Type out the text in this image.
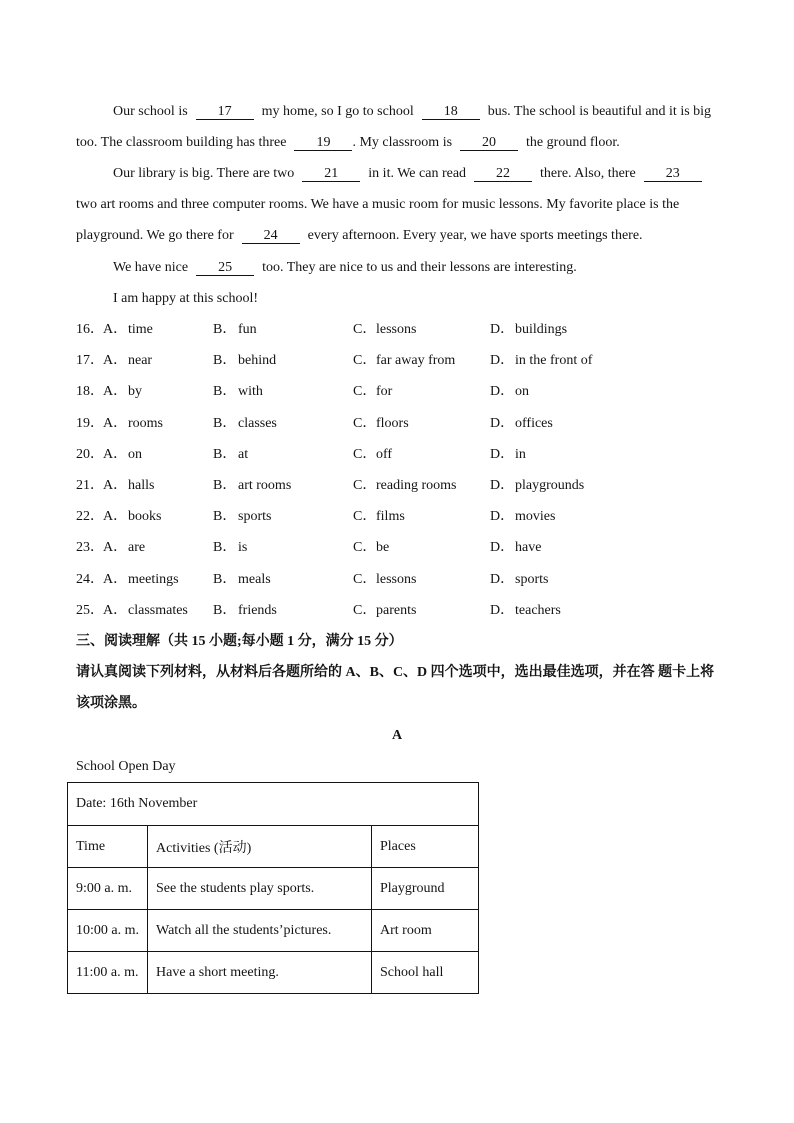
Our school is 17 my home, so I go to school 18 bus. The school is beautiful and it is big
too. The classroom building has three 19 . My classroom is 20 the ground floor.
Our library is big. There are two 21 in it. We can read 22 there. Also, there 23
two art rooms and three computer rooms. We have a music room for music lessons. My favorite place is the
playground. We go there for 24 every afternoon. Every year, we have sports meetings there.
We have nice 25 too. They are nice to us and their lessons are interesting.
I am happy at this school!
16． A． time	B． fun	C． lessons	D． buildings
17． A． near	B． behind	C． far away from D． in the front of
18． A． by	B． with	C． for	D． on
19． A． rooms	B． classes	C． floors	D． offices
20． A． on	B． at	C． off	D． in
21． A． halls	B． art rooms	C． reading rooms D． playgrounds
22． A． books	B． sports	C． films	D． movies
23． A． are	B． is	C． be	D． have
24． A． meetings B． meals	C． lessons	D． sports
25． A． classmates B． friends	C． parents	D． teachers
三、阅读理解（共 15 小题;每小题 1 分，满分 15 分）
请认真阅读下列材料，从材料后各题所给的 A、B、C、D 四个选项中，选出最佳选项，并在答 题卡上将
该项涂黑。
A
School Open Day
Date: 16th November		
Time	Activities (活动)	Places
9:00 a. m.	See the students play sports.	Playground
10:00 a. m.	Watch all the students’pictures.	Art room
11:00 a. m.	Have a short meeting.	School hall
